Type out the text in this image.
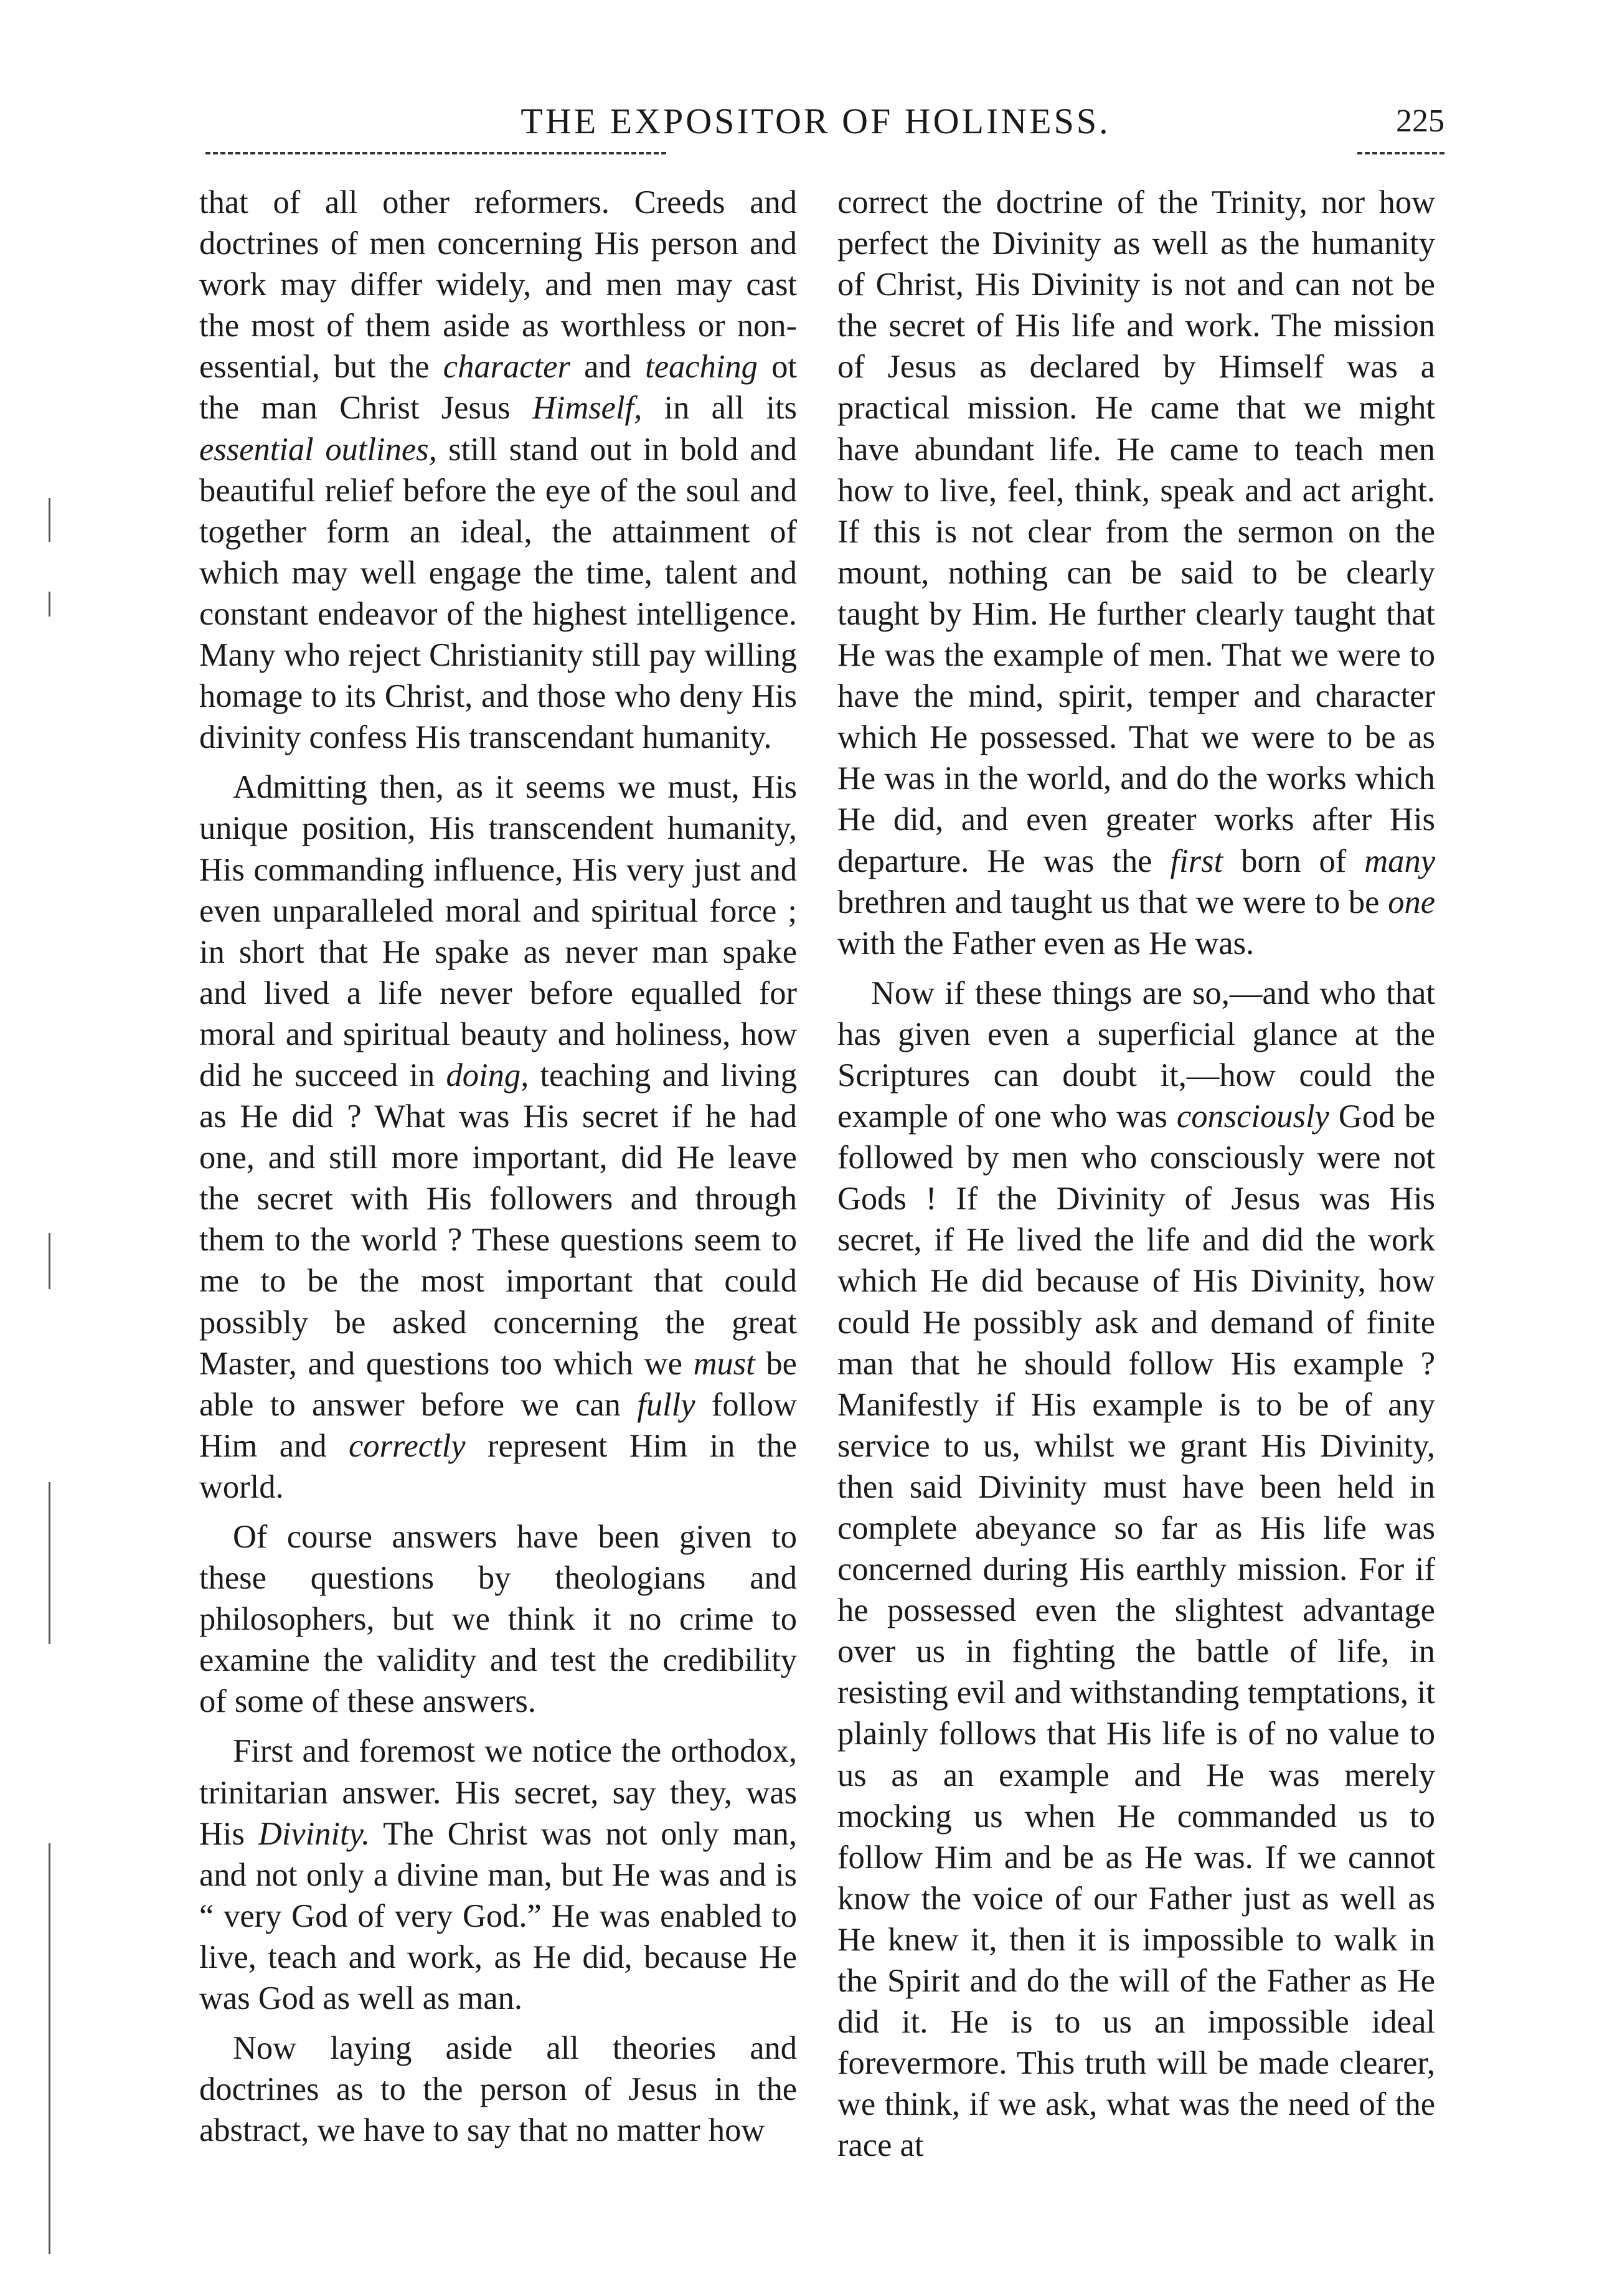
THE EXPOSITOR OF HOLINESS.	225

that of all other reformers. Creeds and doctrines of men concerning His person and work may differ widely, and men may cast the most of them aside as worthless or non-essential, but the character and teaching ot the man Christ Jesus Himself, in all its essential outlines, still stand out in bold and beautiful relief before the eye of the soul and together form an ideal, the attainment of which may well engage the time, talent and constant endeavor of the highest intelligence. Many who reject Christianity still pay willing homage to its Christ, and those who deny His divinity confess His transcendant humanity.

Admitting then, as it seems we must, His unique position, His transcendent humanity, His commanding influence, His very just and even unparalleled moral and spiritual force ; in short that He spake as never man spake and lived a life never before equalled for moral and spiritual beauty and holiness, how did he succeed in doing, teaching and living as He did ? What was His secret if he had one, and still more important, did He leave the secret with His followers and through them to the world ? These questions seem to me to be the most important that could possibly be asked concerning the great Master, and questions too which we must be able to answer before we can fully follow Him and correctly represent Him in the world.

Of course answers have been given to these questions by theologians and philosophers, but we think it no crime to examine the validity and test the credibility of some of these answers.

First and foremost we notice the orthodox, trinitarian answer. His secret, say they, was His Divinity. The Christ was not only man, and not only a divine man, but He was and is “ very God of very God.” He was enabled to live, teach and work, as He did, because He was God as well as man.

Now laying aside all theories and doctrines as to the person of Jesus in the abstract, we have to say that no matter how

correct the doctrine of the Trinity, nor how perfect the Divinity as well as the humanity of Christ, His Divinity is not and can not be the secret of His life and work. The mission of Jesus as declared by Himself was a practical mission. He came that we might have abundant life. He came to teach men how to live, feel, think, speak and act aright. If this is not clear from the sermon on the mount, nothing can be said to be clearly taught by Him. He further clearly taught that He was the example of men. That we were to have the mind, spirit, temper and character which He possessed. That we were to be as He was in the world, and do the works which He did, and even greater works after His departure. He was the first born of many brethren and taught us that we were to be one with the Father even as He was.

Now if these things are so,—and who that has given even a superficial glance at the Scriptures can doubt it,—how could the example of one who was consciously God be followed by men who consciously were not Gods ! If the Divinity of Jesus was His secret, if He lived the life and did the work which He did because of His Divinity, how could He possibly ask and demand of finite man that he should follow His example ? Manifestly if His example is to be of any service to us, whilst we grant His Divinity, then said Divinity must have been held in complete abeyance so far as His life was concerned during His earthly mission. For if he possessed even the slightest advantage over us in fighting the battle of life, in resisting evil and withstanding temptations, it plainly follows that His life is of no value to us as an example and He was merely mocking us when He commanded us to follow Him and be as He was. If we cannot know the voice of our Father just as well as He knew it, then it is impossible to walk in the Spirit and do the will of the Father as He did it. He is to us an impossible ideal forevermore. This truth will be made clearer, we think, if we ask, what was the need of the race at
